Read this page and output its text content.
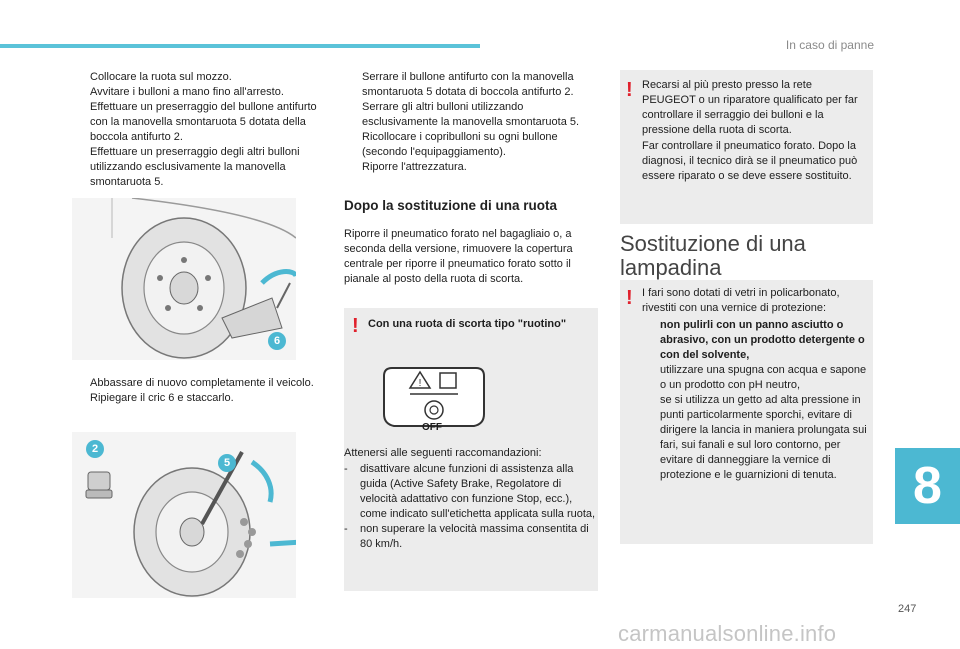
In caso di panne
Collocare la ruota sul mozzo.
Avvitare i bulloni a mano fino all'arresto.
Effettuare un preserraggio del bullone antifurto con la manovella smontaruota 5 dotata della boccola antifurto 2.
Effettuare un preserraggio degli altri bulloni utilizzando esclusivamente la manovella smontaruota 5.
6
Abbassare di nuovo completamente il veicolo.
Ripiegare il cric 6 e staccarlo.
2
5
Serrare il bullone antifurto con la manovella smontaruota 5 dotata di boccola antifurto 2.
Serrare gli altri bulloni utilizzando esclusivamente la manovella smontaruota 5.
Ricollocare i copribulloni su ogni bullone (secondo l'equipaggiamento).
Riporre l'attrezzatura.
Dopo la sostituzione di una ruota
Riporre il pneumatico forato nel bagagliaio o, a seconda della versione, rimuovere la copertura centrale per riporre il pneumatico forato sotto il pianale al posto della ruota di scorta.
! Con una ruota di scorta tipo "ruotino"
!
OFF
Attenersi alle seguenti raccomandazioni:
- disattivare alcune funzioni di assistenza alla guida (Active Safety Brake, Regolatore di velocità adattativo con funzione Stop, ecc.), come indicato sull'etichetta applicata sulla ruota,
- non superare la velocità massima consentita di 80 km/h.
! Recarsi al più presto presso la rete PEUGEOT o un riparatore qualificato per far controllare il serraggio dei bulloni e la pressione della ruota di scorta.
Far controllare il pneumatico forato. Dopo la diagnosi, il tecnico dirà se il pneumatico può essere riparato o se deve essere sostituito.
Sostituzione di una
lampadina
! I fari sono dotati di vetri in policarbonato, rivestiti con una vernice di protezione:
non pulirli con un panno asciutto o abrasivo, con un prodotto detergente o con del solvente,
utilizzare una spugna con acqua e sapone o un prodotto con pH neutro,
se si utilizza un getto ad alta pressione in punti particolarmente sporchi, evitare di dirigere la lancia in maniera prolungata sui fari, sui fanali e sul loro contorno, per evitare di danneggiare la vernice di protezione e le guarnizioni di tenuta.	8
247
carmanualsonline.info
